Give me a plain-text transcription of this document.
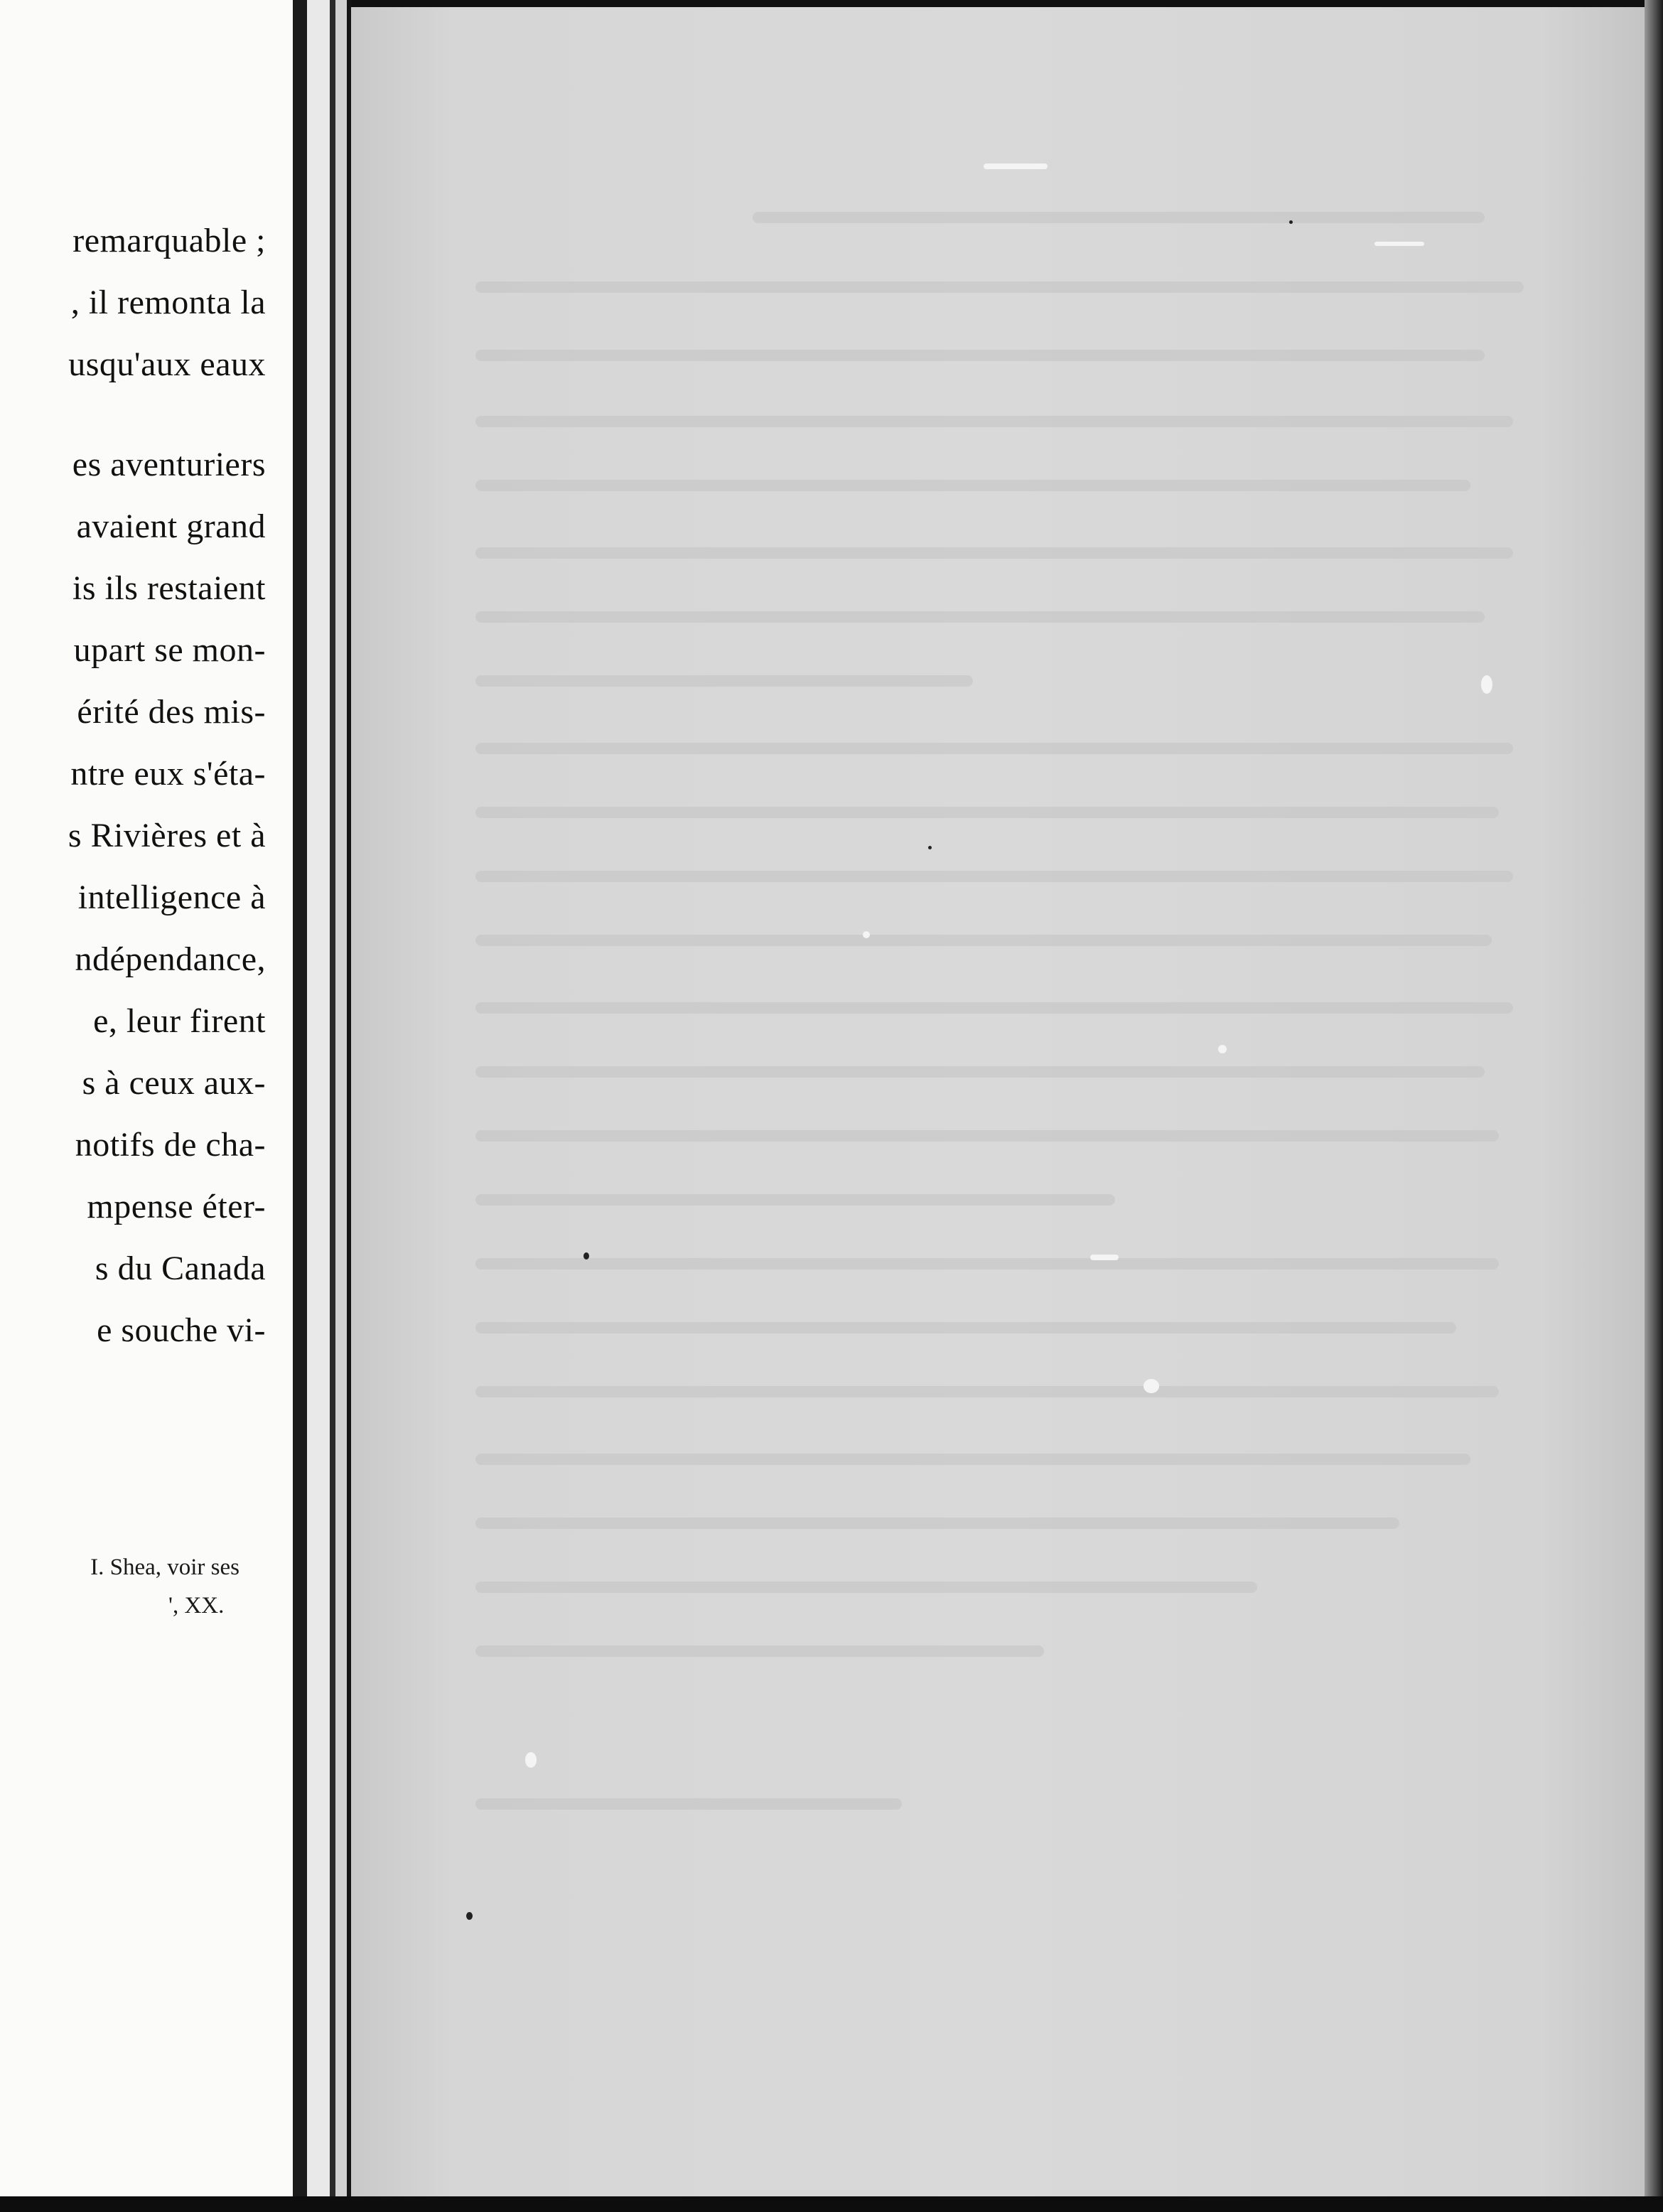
remarquable ;
, il remonta la
usqu'aux eaux
es aventuriers
avaient grand
is ils restaient
upart se mon-
érité des mis-
ntre eux s'éta-
s Rivières et à
intelligence à
ndépendance,
e, leur firent
s à ceux aux-
notifs de cha-
mpense éter-
s du Canada
e souche vi-
I. Shea, voir ses
', XX.
